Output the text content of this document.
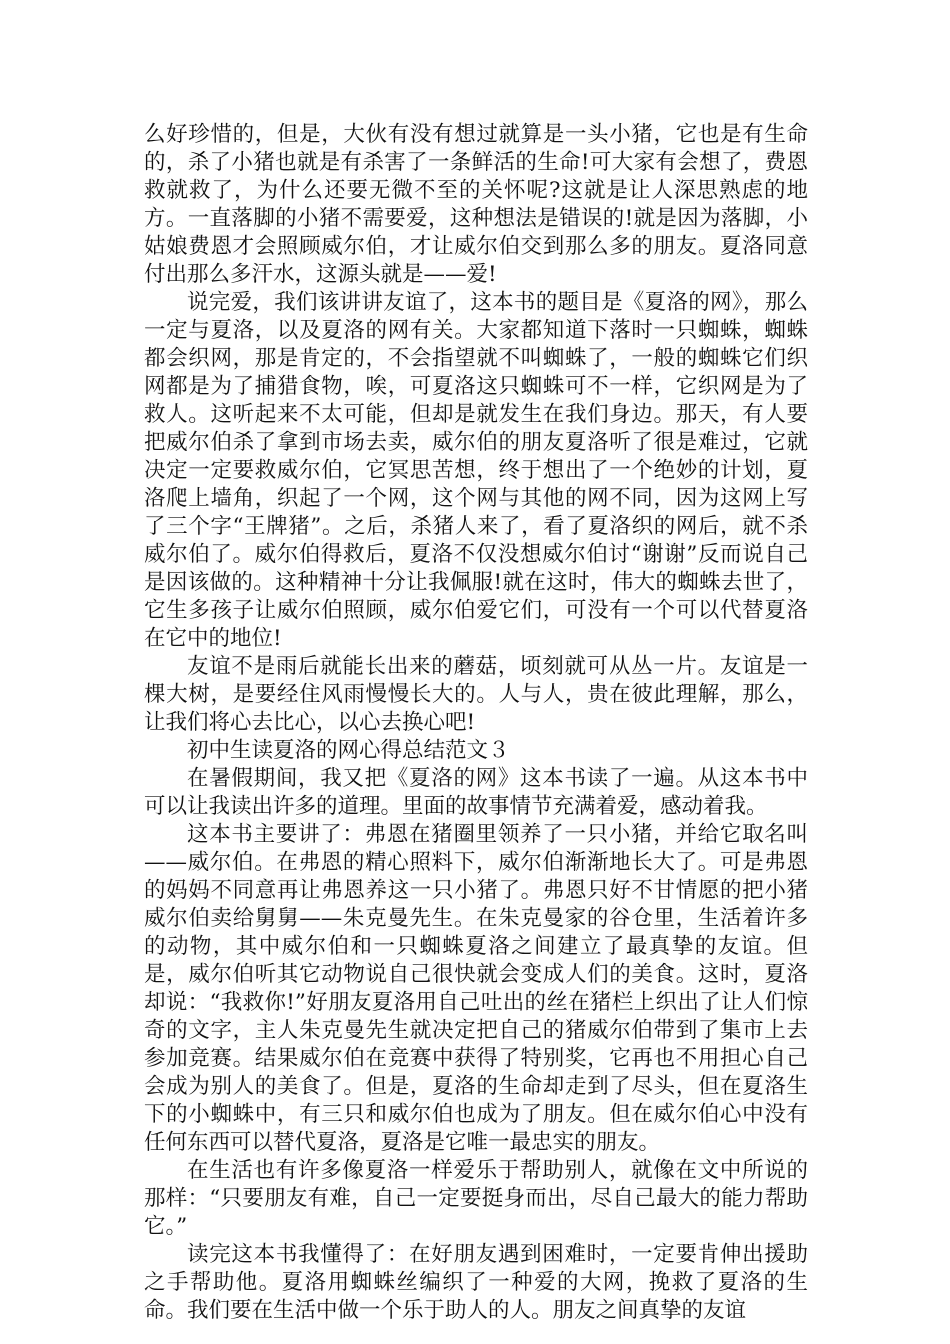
么好珍惜的，但是，大伙有没有想过就算是一头小猪，它也是有生命的，杀了小猪也就是有杀害了一条鲜活的生命!可大家有会想了，费恩救就救了，为什么还要无微不至的关怀呢?这就是让人深思熟虑的地方。一直落脚的小猪不需要爱，这种想法是错误的!就是因为落脚，小姑娘费恩才会照顾威尔伯，才让威尔伯交到那么多的朋友。夏洛同意付出那么多汗水，这源头就是——爱!

说完爱，我们该讲讲友谊了，这本书的题目是《夏洛的网》，那么一定与夏洛，以及夏洛的网有关。大家都知道下落时一只蜘蛛，蜘蛛都会织网，那是肯定的，不会指望就不叫蜘蛛了，一般的蜘蛛它们织网都是为了捕猎食物，唉，可夏洛这只蜘蛛可不一样，它织网是为了救人。这听起来不太可能，但却是就发生在我们身边。那天，有人要把威尔伯杀了拿到市场去卖，威尔伯的朋友夏洛听了很是难过，它就决定一定要救威尔伯，它冥思苦想，终于想出了一个绝妙的计划，夏洛爬上墙角，织起了一个网，这个网与其他的网不同，因为这网上写了三个字“王牌猪”。之后，杀猪人来了，看了夏洛织的网后，就不杀威尔伯了。威尔伯得救后，夏洛不仅没想威尔伯讨“谢谢”反而说自己是因该做的。这种精神十分让我佩服!就在这时，伟大的蜘蛛去世了，它生多孩子让威尔伯照顾，威尔伯爱它们，可没有一个可以代替夏洛在它中的地位!

友谊不是雨后就能长出来的蘑菇，顷刻就可从丛一片。友谊是一棵大树，是要经住风雨慢慢长大的。人与人，贵在彼此理解，那么，让我们将心去比心，以心去换心吧!

初中生读夏洛的网心得总结范文３

在暑假期间，我又把《夏洛的网》这本书读了一遍。从这本书中可以让我读出许多的道理。里面的故事情节充满着爱，感动着我。

这本书主要讲了：弗恩在猪圈里领养了一只小猪，并给它取名叫——威尔伯。在弗恩的精心照料下，威尔伯渐渐地长大了。可是弗恩的妈妈不同意再让弗恩养这一只小猪了。弗恩只好不甘情愿的把小猪威尔伯卖给舅舅——朱克曼先生。在朱克曼家的谷仓里，生活着许多的动物，其中威尔伯和一只蜘蛛夏洛之间建立了最真挚的友谊。但是，威尔伯听其它动物说自己很快就会变成人们的美食。这时，夏洛却说：“我救你!”好朋友夏洛用自己吐出的丝在猪栏上织出了让人们惊奇的文字，主人朱克曼先生就决定把自己的猪威尔伯带到了集市上去参加竞赛。结果威尔伯在竞赛中获得了特别奖，它再也不用担心自己会成为别人的美食了。但是，夏洛的生命却走到了尽头，但在夏洛生下的小蜘蛛中，有三只和威尔伯也成为了朋友。但在威尔伯心中没有任何东西可以替代夏洛，夏洛是它唯一最忠实的朋友。

在生活也有许多像夏洛一样爱乐于帮助别人，就像在文中所说的那样：“只要朋友有难，自己一定要挺身而出，尽自己最大的能力帮助它。”

读完这本书我懂得了：在好朋友遇到困难时，一定要肯伸出援助之手帮助他。夏洛用蜘蛛丝编织了一种爱的大网，挽救了夏洛的生命。我们要在生活中做一个乐于助人的人。朋友之间真挚的友谊
